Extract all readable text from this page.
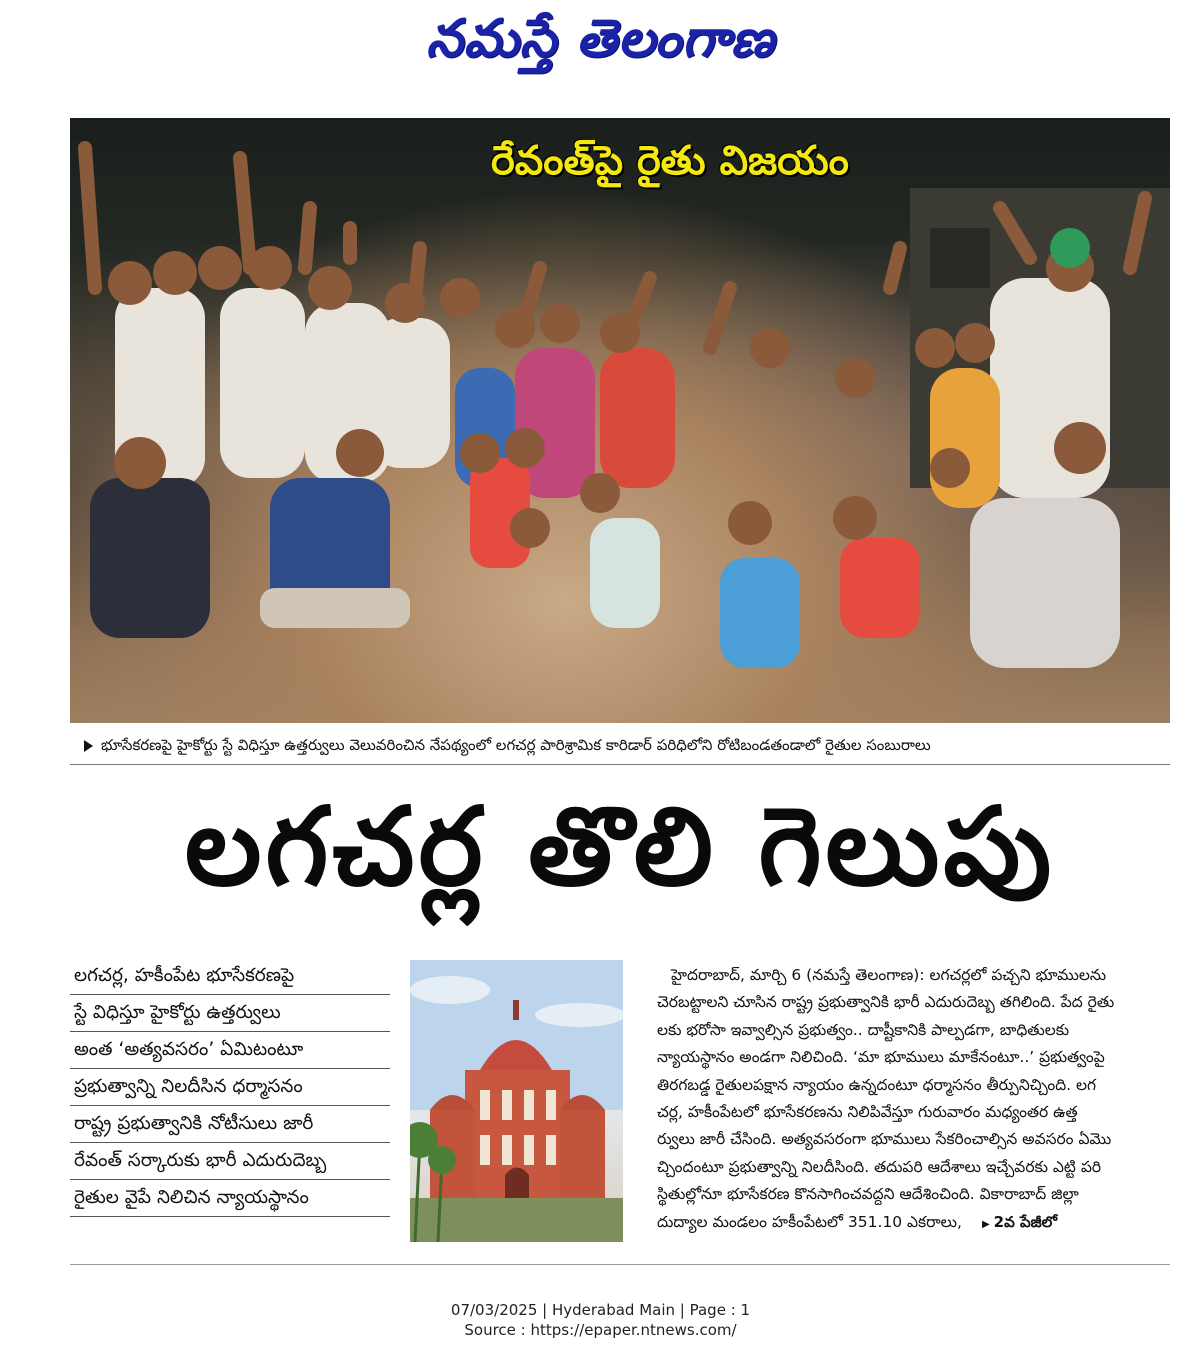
నమస్తే తెలంగాణ
రేవంత్‌పై రైతు విజయం
భూసేకరణపై హైకోర్టు స్టే విధిస్తూ ఉత్తర్వులు వెలువరించిన నేపథ్యంలో లగచర్ల పారిశ్రామిక కారిడార్ పరిధిలోని రోటిబండతండాలో రైతుల సంబురాలు
లగచర్ల తొలి గెలుపు
లగచర్ల, హకీంపేట భూసేకరణపై
స్టే విధిస్తూ హైకోర్టు ఉత్తర్వులు
అంత ‘అత్యవసరం’ ఏమిటంటూ
ప్రభుత్వాన్ని నిలదీసిన ధర్మాసనం
రాష్ట్ర ప్రభుత్వానికి నోటీసులు జారీ
రేవంత్ సర్కారుకు భారీ ఎదురుదెబ్బ
రైతుల వైపే నిలిచిన న్యాయస్థానం
హైదరాబాద్, మార్చి 6 (నమస్తే తెలంగాణ): లగచర్లలో పచ్చని భూములను
చెరబట్టాలని చూసిన రాష్ట్ర ప్రభుత్వానికి భారీ ఎదురుదెబ్బ తగిలింది. పేద రైతు
లకు భరోసా ఇవ్వాల్సిన ప్రభుత్వం.. దాష్టీకానికి పాల్పడగా, బాధితులకు
న్యాయస్థానం అండగా నిలిచింది. ‘మా భూములు మాకేనంటూ..’ ప్రభుత్వంపై
తిరగబడ్డ రైతులపక్షాన న్యాయం ఉన్నదంటూ ధర్మాసనం తీర్పునిచ్చింది. లగ
చర్ల, హకీంపేటలో భూసేకరణను నిలిపివేస్తూ గురువారం మధ్యంతర ఉత్త
ర్వులు జారీ చేసింది. అత్యవసరంగా భూములు సేకరించాల్సిన అవసరం ఏమొ
చ్చిందంటూ ప్రభుత్వాన్ని నిలదీసింది. తదుపరి ఆదేశాలు ఇచ్చేవరకు ఎట్టి పరి
స్థితుల్లోనూ భూసేకరణ కొనసాగించవద్దని ఆదేశించింది. వికారాబాద్ జిల్లా
దుద్యాల మండలం హకీంపేటలో 351.10 ఎకరాలు,▶ 2వ పేజీలో
07/03/2025 | Hyderabad Main | Page : 1
Source : https://epaper.ntnews.com/
